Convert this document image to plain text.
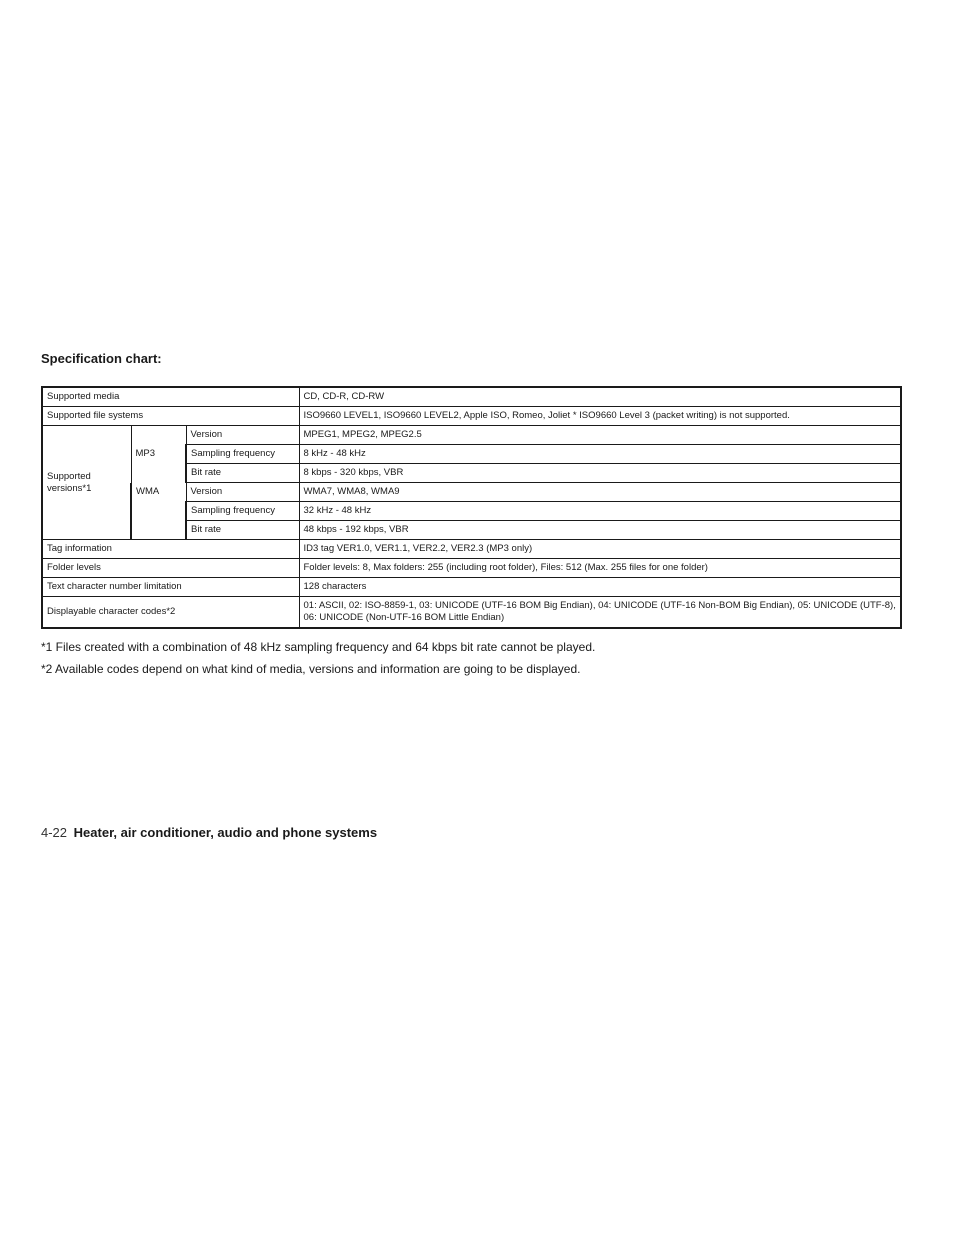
Specification chart:
Supported media			CD, CD-R, CD-RW
Supported file systems			ISO9660 LEVEL1, ISO9660 LEVEL2, Apple ISO, Romeo, Joliet * ISO9660 Level 3 (packet writing) is not supported.
Supported versions*1	MP3	Version	MPEG1, MPEG2, MPEG2.5
		Sampling frequency	8 kHz - 48 kHz
		Bit rate	8 kbps - 320 kbps, VBR
	WMA	Version	WMA7, WMA8, WMA9
		Sampling frequency	32 kHz - 48 kHz
		Bit rate	48 kbps - 192 kbps, VBR
Tag information			ID3 tag VER1.0, VER1.1, VER2.2, VER2.3 (MP3 only)
Folder levels			Folder levels: 8, Max folders: 255 (including root folder), Files: 512 (Max. 255 files for one folder)
Text character number limitation			128 characters
Displayable character codes*2			01: ASCII, 02: ISO-8859-1, 03: UNICODE (UTF-16 BOM Big Endian), 04: UNICODE (UTF-16 Non-BOM Big Endian), 05: UNICODE (UTF-8), 06: UNICODE (Non-UTF-16 BOM Little Endian)

*1 Files created with a combination of 48 kHz sampling frequency and 64 kbps bit rate cannot be played.

*2 Available codes depend on what kind of media, versions and information are going to be displayed.

4-22 Heater, air conditioner, audio and phone systems
